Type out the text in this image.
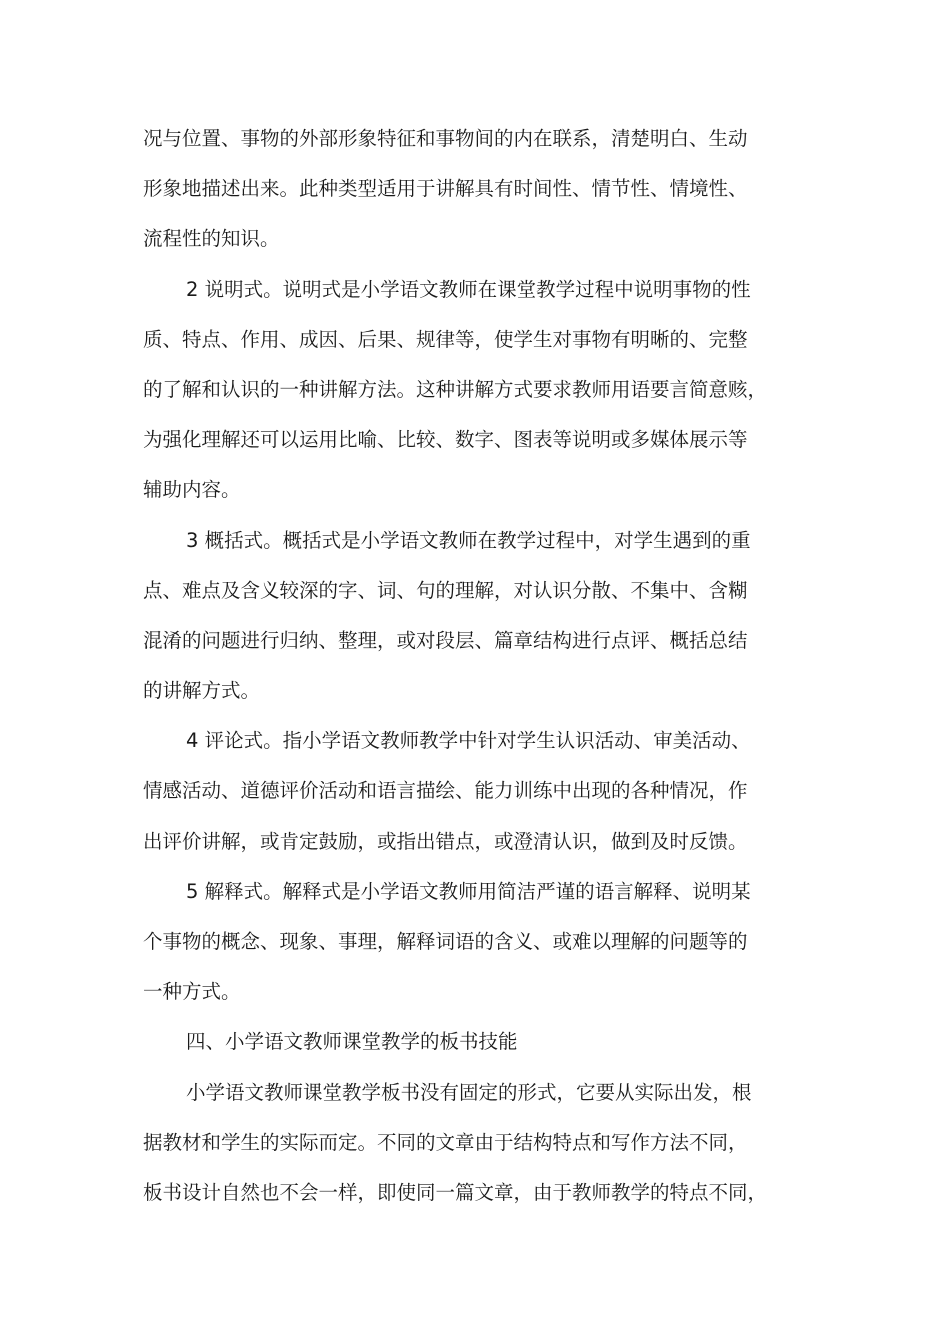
况与位置、事物的外部形象特征和事物间的内在联系，清楚明白、生动
形象地描述出来。此种类型适用于讲解具有时间性、情节性、情境性、
流程性的知识。
2 说明式。说明式是小学语文教师在课堂教学过程中说明事物的性
质、特点、作用、成因、后果、规律等，使学生对事物有明晰的、完整
的了解和认识的一种讲解方法。这种讲解方式要求教师用语要言简意赅，
为强化理解还可以运用比喻、比较、数字、图表等说明或多媒体展示等
辅助内容。
3 概括式。概括式是小学语文教师在教学过程中，对学生遇到的重
点、难点及含义较深的字、词、句的理解，对认识分散、不集中、含糊
混淆的问题进行归纳、整理，或对段层、篇章结构进行点评、概括总结
的讲解方式。
4 评论式。指小学语文教师教学中针对学生认识活动、审美活动、
情感活动、道德评价活动和语言描绘、能力训练中出现的各种情况，作
出评价讲解，或肯定鼓励，或指出错点，或澄清认识，做到及时反馈。
5 解释式。解释式是小学语文教师用简洁严谨的语言解释、说明某
个事物的概念、现象、事理，解释词语的含义、或难以理解的问题等的
一种方式。
四、小学语文教师课堂教学的板书技能
小学语文教师课堂教学板书没有固定的形式，它要从实际出发，根
据教材和学生的实际而定。不同的文章由于结构特点和写作方法不同，
板书设计自然也不会一样，即使同一篇文章，由于教师教学的特点不同，
